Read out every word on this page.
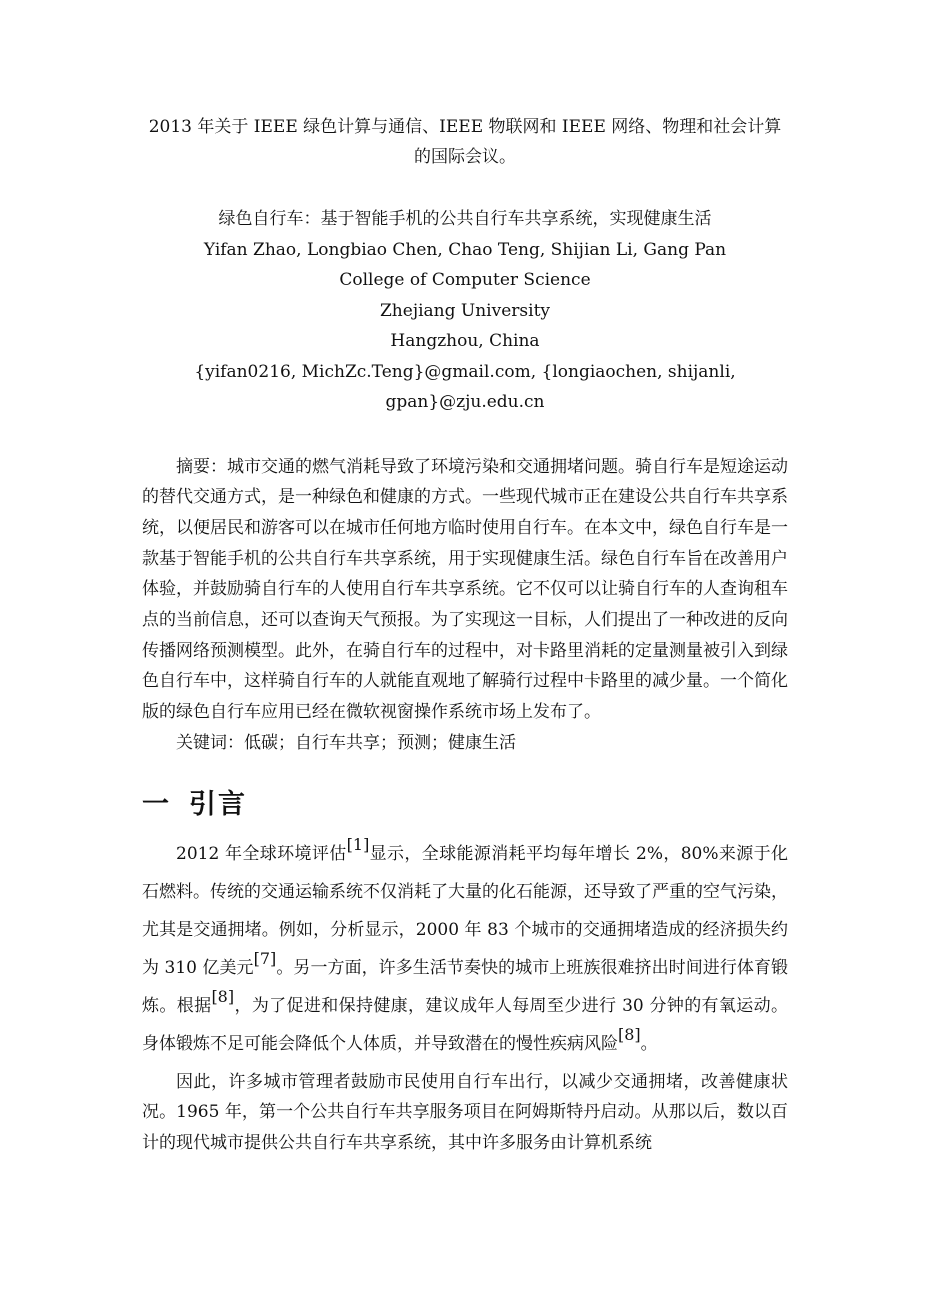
2013 年关于 IEEE 绿色计算与通信、IEEE 物联网和 IEEE 网络、物理和社会计算

的国际会议。

绿色自行车：基于智能手机的公共自行车共享系统，实现健康生活
Yifan Zhao, Longbiao Chen, Chao Teng, Shijian Li, Gang Pan
College of Computer Science
Zhejiang University
Hangzhou, China
{yifan0216, MichZc.Teng}@gmail.com, {longiaochen, shijanli, gpan}@zju.edu.cn

摘要：城市交通的燃气消耗导致了环境污染和交通拥堵问题。骑自行车是短途运动的替代交通方式，是一种绿色和健康的方式。一些现代城市正在建设公共自行车共享系统，以便居民和游客可以在城市任何地方临时使用自行车。在本文中，绿色自行车是一款基于智能手机的公共自行车共享系统，用于实现健康生活。绿色自行车旨在改善用户体验，并鼓励骑自行车的人使用自行车共享系统。它不仅可以让骑自行车的人查询租车点的当前信息，还可以查询天气预报。为了实现这一目标，人们提出了一种改进的反向传播网络预测模型。此外，在骑自行车的过程中，对卡路里消耗的定量测量被引入到绿色自行车中，这样骑自行车的人就能直观地了解骑行过程中卡路里的减少量。一个简化版的绿色自行车应用已经在微软视窗操作系统市场上发布了。

关键词：低碳；自行车共享；预测；健康生活

一 引言

2012 年全球环境评估[1]显示，全球能源消耗平均每年增长 2%，80%来源于化石燃料。传统的交通运输系统不仅消耗了大量的化石能源，还导致了严重的空气污染，尤其是交通拥堵。例如，分析显示，2000 年 83 个城市的交通拥堵造成的经济损失约为 310 亿美元[7]。另一方面，许多生活节奏快的城市上班族很难挤出时间进行体育锻炼。根据[8]，为了促进和保持健康，建议成年人每周至少进行 30 分钟的有氧运动。身体锻炼不足可能会降低个人体质，并导致潜在的慢性疾病风险[8]。

因此，许多城市管理者鼓励市民使用自行车出行，以减少交通拥堵，改善健康状况。1965 年，第一个公共自行车共享服务项目在阿姆斯特丹启动。从那以后，数以百计的现代城市提供公共自行车共享系统，其中许多服务由计算机系统
